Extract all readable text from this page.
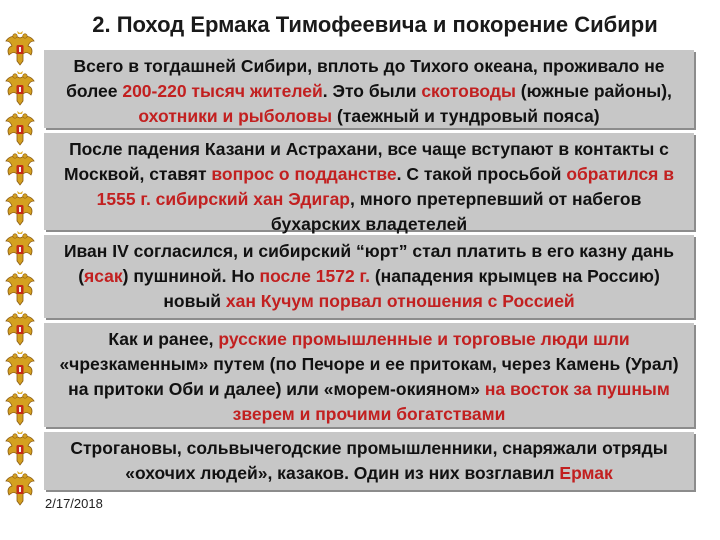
2. Поход Ермака Тимофеевича и покорение Сибири
Всего в тогдашней Сибири, вплоть до Тихого океана, проживало не более 200-220 тысяч жителей. Это были скотоводы (южные районы), охотники и рыболовы (таежный и тундровый пояса)
После падения Казани и Астрахани, все чаще вступают в контакты с Москвой, ставят вопрос о подданстве. С такой просьбой обратился в 1555 г. сибирский хан Эдигар, много претерпевший от набегов бухарских владетелей
Иван IV согласился, и сибирский “юрт” стал платить в его казну дань (ясак) пушниной. Но после 1572 г. (нападения крымцев на Россию) новый хан Кучум порвал отношения с Россией
Как и ранее, русские промышленные и торговые люди шли «чрезкаменным» путем (по Печоре и ее притокам, через Камень (Урал) на притоки Оби и далее) или «морем-окияном» на восток за пушным зверем и прочими богатствами
Строгановы, сольвычегодские промышленники, снаряжали отряды «охочих людей», казаков. Один из них возглавил Ермак
2/17/2018
